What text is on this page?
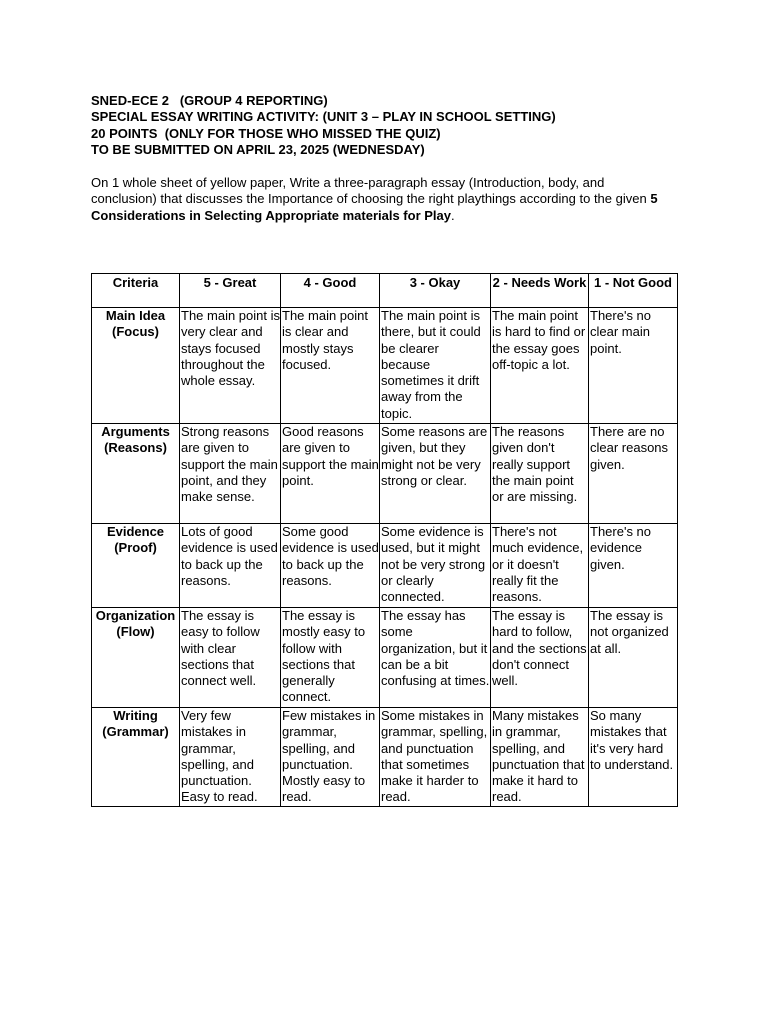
SNED-ECE 2   (GROUP 4 REPORTING)
SPECIAL ESSAY WRITING ACTIVITY: (UNIT 3 – PLAY IN SCHOOL SETTING)
20 POINTS  (ONLY FOR THOSE WHO MISSED THE QUIZ)
TO BE SUBMITTED ON APRIL 23, 2025 (WEDNESDAY)
On 1 whole sheet of yellow paper, Write a three-paragraph essay (Introduction, body, and conclusion) that discusses the Importance of choosing the right playthings according to the given 5 Considerations in Selecting Appropriate materials for Play.
Criteria	5 - Great	4 - Good	3 - Okay	2 - Needs Work	1 - Not Good
Main Idea (Focus)	The main point is very clear and stays focused throughout the whole essay.	The main point is clear and mostly stays focused.	The main point is there, but it could be clearer because sometimes it drift away from the topic.	The main point is hard to find or the essay goes off-topic a lot.	There's no clear main point.
Arguments (Reasons)	Strong reasons are given to support the main point, and they make sense.	Good reasons are given to support the main point.	Some reasons are given, but they might not be very strong or clear.	The reasons given don't really support the main point or are missing.	There are no clear reasons given.
Evidence (Proof)	Lots of good evidence is used to back up the reasons.	Some good evidence is used to back up the reasons.	Some evidence is used, but it might not be very strong or clearly connected.	There's not much evidence, or it doesn't really fit the reasons.	There's no evidence given.
Organization (Flow)	The essay is easy to follow with clear sections that connect well.	The essay is mostly easy to follow with sections that generally connect.	The essay has some organization, but it can be a bit confusing at times.	The essay is hard to follow, and the sections don't connect well.	The essay is not organized at all.
Writing (Grammar)	Very few mistakes in grammar, spelling, and punctuation. Easy to read.	Few mistakes in grammar, spelling, and punctuation. Mostly easy to read.	Some mistakes in grammar, spelling, and punctuation that sometimes make it harder to read.	Many mistakes in grammar, spelling, and punctuation that make it hard to read.	So many mistakes that it's very hard to understand.
